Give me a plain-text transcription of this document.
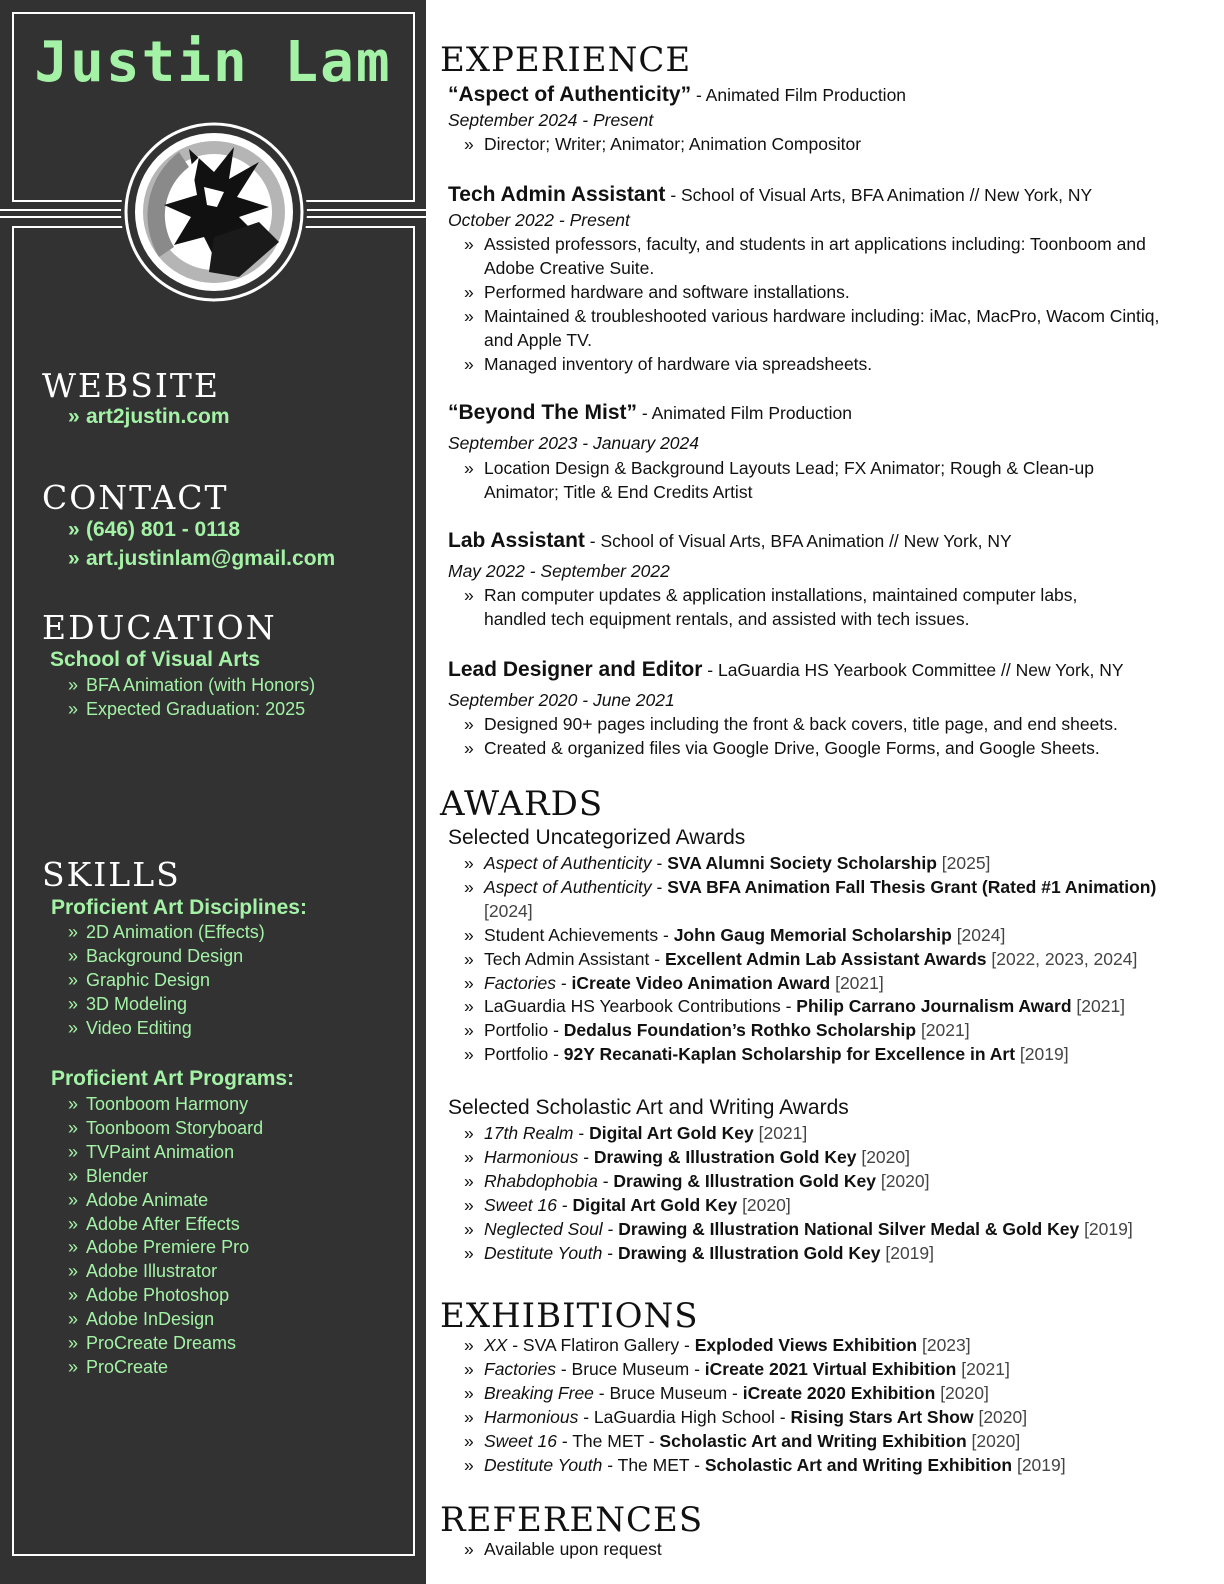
Justin Lam
WEBSITE
» art2justin.com
CONTACT
» (646) 801 - 0118
» art.justinlam@gmail.com
EDUCATION
School of Visual Arts
» BFA Animation (with Honors)
» Expected Graduation: 2025
SKILLS
Proficient Art Disciplines:
» 2D Animation (Effects)
» Background Design
» Graphic Design
» 3D Modeling
» Video Editing
Proficient Art Programs:
» Toonboom Harmony
» Toonboom Storyboard
» TVPaint Animation
» Blender
» Adobe Animate
» Adobe After Effects
» Adobe Premiere Pro
» Adobe Illustrator
» Adobe Photoshop
» Adobe InDesign
» ProCreate Dreams
» ProCreate
EXPERIENCE
“Aspect of Authenticity” - Animated Film Production
September 2024 - Present
» Director; Writer; Animator; Animation Compositor
Tech Admin Assistant - School of Visual Arts, BFA Animation // New York, NY
October 2022 - Present
» Assisted professors, faculty, and students in art applications including: Toonboom and Adobe Creative Suite.
» Performed hardware and software installations.
» Maintained & troubleshooted various hardware including: iMac, MacPro, Wacom Cintiq, and Apple TV.
» Managed inventory of hardware via spreadsheets.
“Beyond The Mist” - Animated Film Production
September 2023 - January 2024
» Location Design & Background Layouts Lead; FX Animator; Rough & Clean-up Animator; Title & End Credits Artist
Lab Assistant - School of Visual Arts, BFA Animation // New York, NY
May 2022 - September 2022
» Ran computer updates & application installations, maintained computer labs, handled tech equipment rentals, and assisted with tech issues.
Lead Designer and Editor - LaGuardia HS Yearbook Committee // New York, NY
September 2020 - June 2021
» Designed 90+ pages including the front & back covers, title page, and end sheets.
» Created & organized files via Google Drive, Google Forms, and Google Sheets.
AWARDS
Selected Uncategorized Awards
» Aspect of Authenticity - SVA Alumni Society Scholarship [2025]
» Aspect of Authenticity - SVA BFA Animation Fall Thesis Grant (Rated #1 Animation) [2024]
» Student Achievements - John Gaug Memorial Scholarship [2024]
» Tech Admin Assistant - Excellent Admin Lab Assistant Awards [2022, 2023, 2024]
» Factories - iCreate Video Animation Award [2021]
» LaGuardia HS Yearbook Contributions - Philip Carrano Journalism Award [2021]
» Portfolio - Dedalus Foundation’s Rothko Scholarship [2021]
» Portfolio - 92Y Recanati-Kaplan Scholarship for Excellence in Art [2019]
Selected Scholastic Art and Writing Awards
» 17th Realm - Digital Art Gold Key [2021]
» Harmonious - Drawing & Illustration Gold Key [2020]
» Rhabdophobia - Drawing & Illustration Gold Key [2020]
» Sweet 16 - Digital Art Gold Key [2020]
» Neglected Soul - Drawing & Illustration National Silver Medal & Gold Key [2019]
» Destitute Youth - Drawing & Illustration Gold Key [2019]
EXHIBITIONS
» XX - SVA Flatiron Gallery - Exploded Views Exhibition [2023]
» Factories - Bruce Museum - iCreate 2021 Virtual Exhibition [2021]
» Breaking Free - Bruce Museum - iCreate 2020 Exhibition [2020]
» Harmonious - LaGuardia High School - Rising Stars Art Show [2020]
» Sweet 16 - The MET - Scholastic Art and Writing Exhibition [2020]
» Destitute Youth - The MET - Scholastic Art and Writing Exhibition [2019]
REFERENCES
» Available upon request
